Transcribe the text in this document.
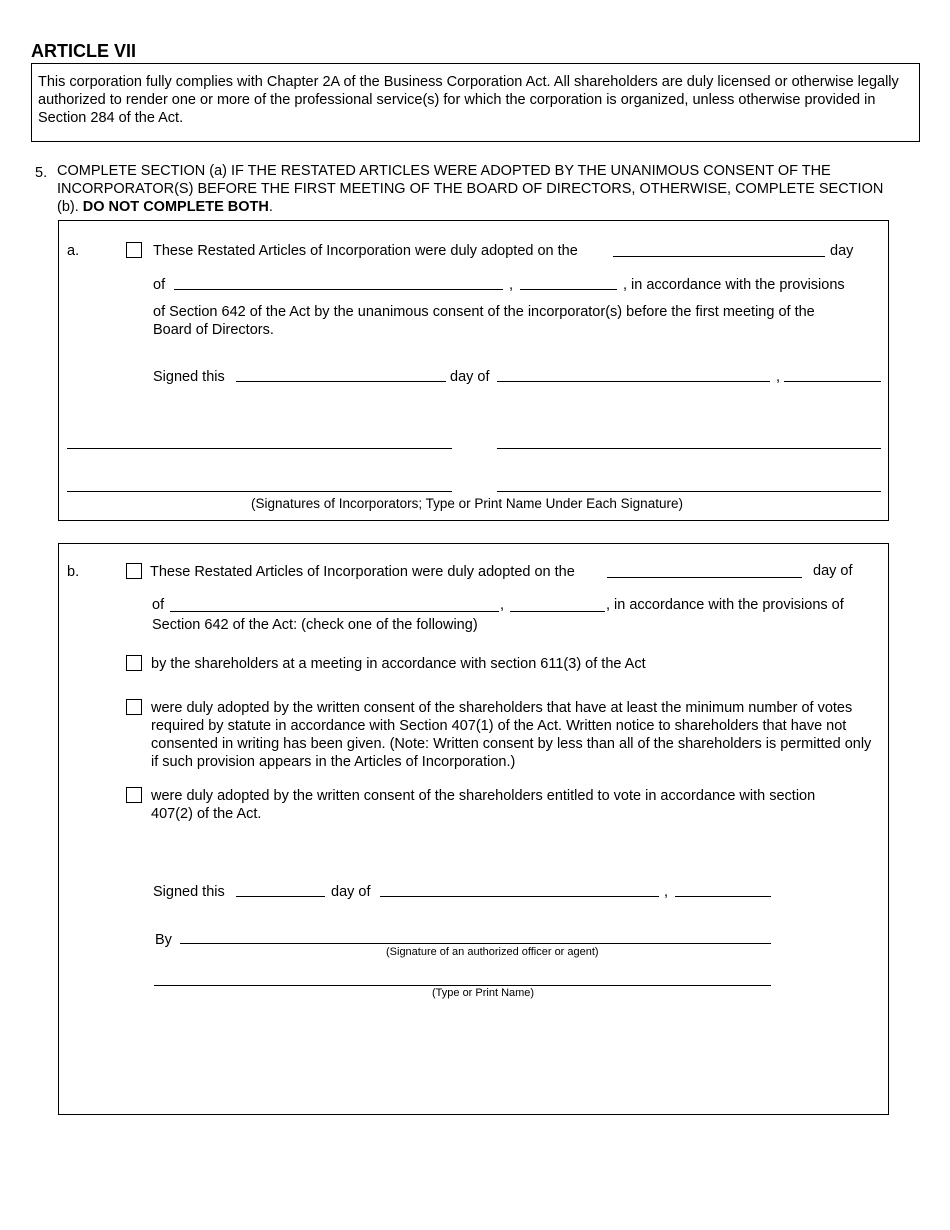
ARTICLE VII
This corporation fully complies with Chapter 2A of the Business Corporation Act. All shareholders are duly licensed or otherwise legally authorized to render one or more of the professional service(s) for which the corporation is organized, unless otherwise provided in Section 284 of the Act.
5. COMPLETE SECTION (a) IF THE RESTATED ARTICLES WERE ADOPTED BY THE UNANIMOUS CONSENT OF THE INCORPORATOR(S) BEFORE THE FIRST MEETING OF THE BOARD OF DIRECTORS, OTHERWISE, COMPLETE SECTION (b). DO NOT COMPLETE BOTH.
a.	These Restated Articles of Incorporation were duly adopted on the	day
of	,	, in accordance with the provisions
of Section 642 of the Act by the unanimous consent of the incorporator(s) before the first meeting of the Board of Directors.
Signed this	day of	,
(Signatures of Incorporators; Type or Print Name Under Each Signature)
b.	These Restated Articles of Incorporation were duly adopted on the	day of
of	,	, in accordance with the provisions of
Section 642 of the Act: (check one of the following)
by the shareholders at a meeting in accordance with section 611(3) of the Act
were duly adopted by the written consent of the shareholders that have at least the minimum number of votes required by statute in accordance with Section 407(1) of the Act. Written notice to shareholders that have not consented in writing has been given. (Note: Written consent by less than all of the shareholders is permitted only if such provision appears in the Articles of Incorporation.)
were duly adopted by the written consent of the shareholders entitled to vote in accordance with section 407(2) of the Act.
Signed this	day of	,
By
(Signature of an authorized officer or agent)
(Type or Print Name)
